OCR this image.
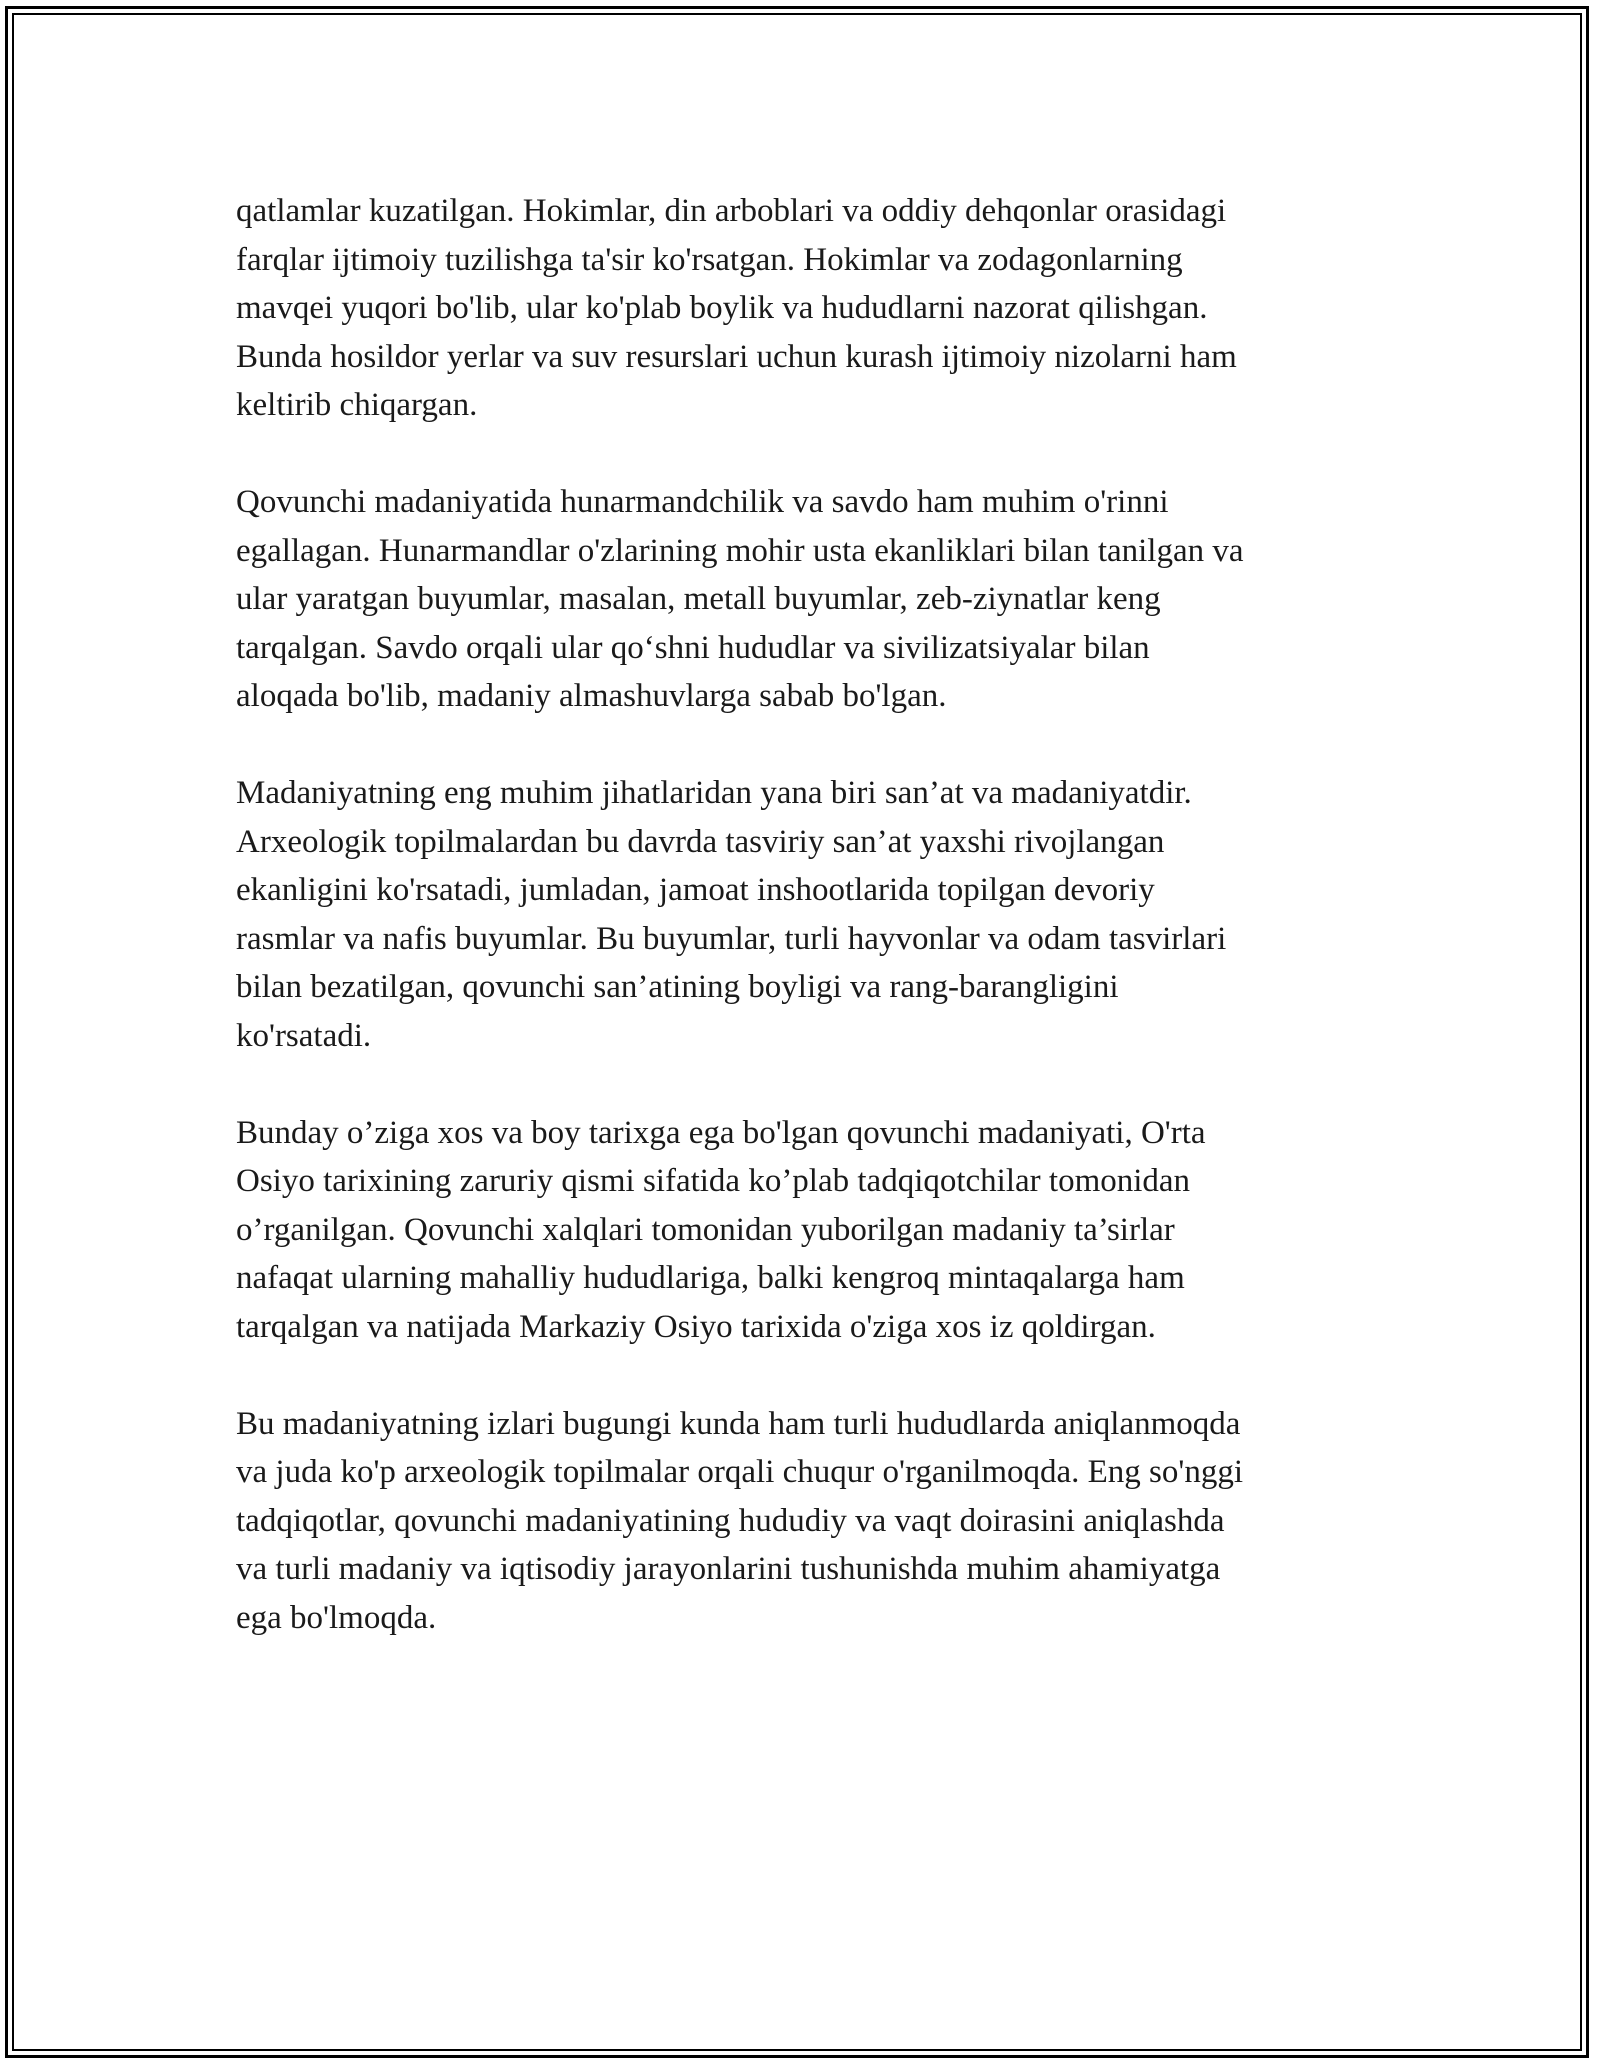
qatlamlar kuzatilgan. Hokimlar, din arboblari va oddiy dehqonlar orasidagi
farqlar ijtimoiy tuzilishga ta'sir ko'rsatgan. Hokimlar va zodagonlarning
mavqei yuqori bo'lib, ular ko'plab boylik va hududlarni nazorat qilishgan.
Bunda hosildor yerlar va suv resurslari uchun kurash ijtimoiy nizolarni ham
keltirib chiqargan.

Qovunchi madaniyatida hunarmandchilik va savdo ham muhim o'rinni
egallagan. Hunarmandlar o'zlarining mohir usta ekanliklari bilan tanilgan va
ular yaratgan buyumlar, masalan, metall buyumlar, zeb-ziynatlar keng
tarqalgan. Savdo orqali ular qo‘shni hududlar va sivilizatsiyalar bilan
aloqada bo'lib, madaniy almashuvlarga sabab bo'lgan.

Madaniyatning eng muhim jihatlaridan yana biri san’at va madaniyatdir.
Arxeologik topilmalardan bu davrda tasviriy san’at yaxshi rivojlangan
ekanligini ko'rsatadi, jumladan, jamoat inshootlarida topilgan devoriy
rasmlar va nafis buyumlar. Bu buyumlar, turli hayvonlar va odam tasvirlari
bilan bezatilgan, qovunchi san’atining boyligi va rang-barangligini
ko'rsatadi.

Bunday o’ziga xos va boy tarixga ega bo'lgan qovunchi madaniyati, O'rta
Osiyo tarixining zaruriy qismi sifatida ko’plab tadqiqotchilar tomonidan
o’rganilgan. Qovunchi xalqlari tomonidan yuborilgan madaniy ta’sirlar
nafaqat ularning mahalliy hududlariga, balki kengroq mintaqalarga ham
tarqalgan va natijada Markaziy Osiyo tarixida o'ziga xos iz qoldirgan.

Bu madaniyatning izlari bugungi kunda ham turli hududlarda aniqlanmoqda
va juda ko'p arxeologik topilmalar orqali chuqur o'rganilmoqda. Eng so'nggi
tadqiqotlar, qovunchi madaniyatining hududiy va vaqt doirasini aniqlashda
va turli madaniy va iqtisodiy jarayonlarini tushunishda muhim ahamiyatga
ega bo'lmoqda.
